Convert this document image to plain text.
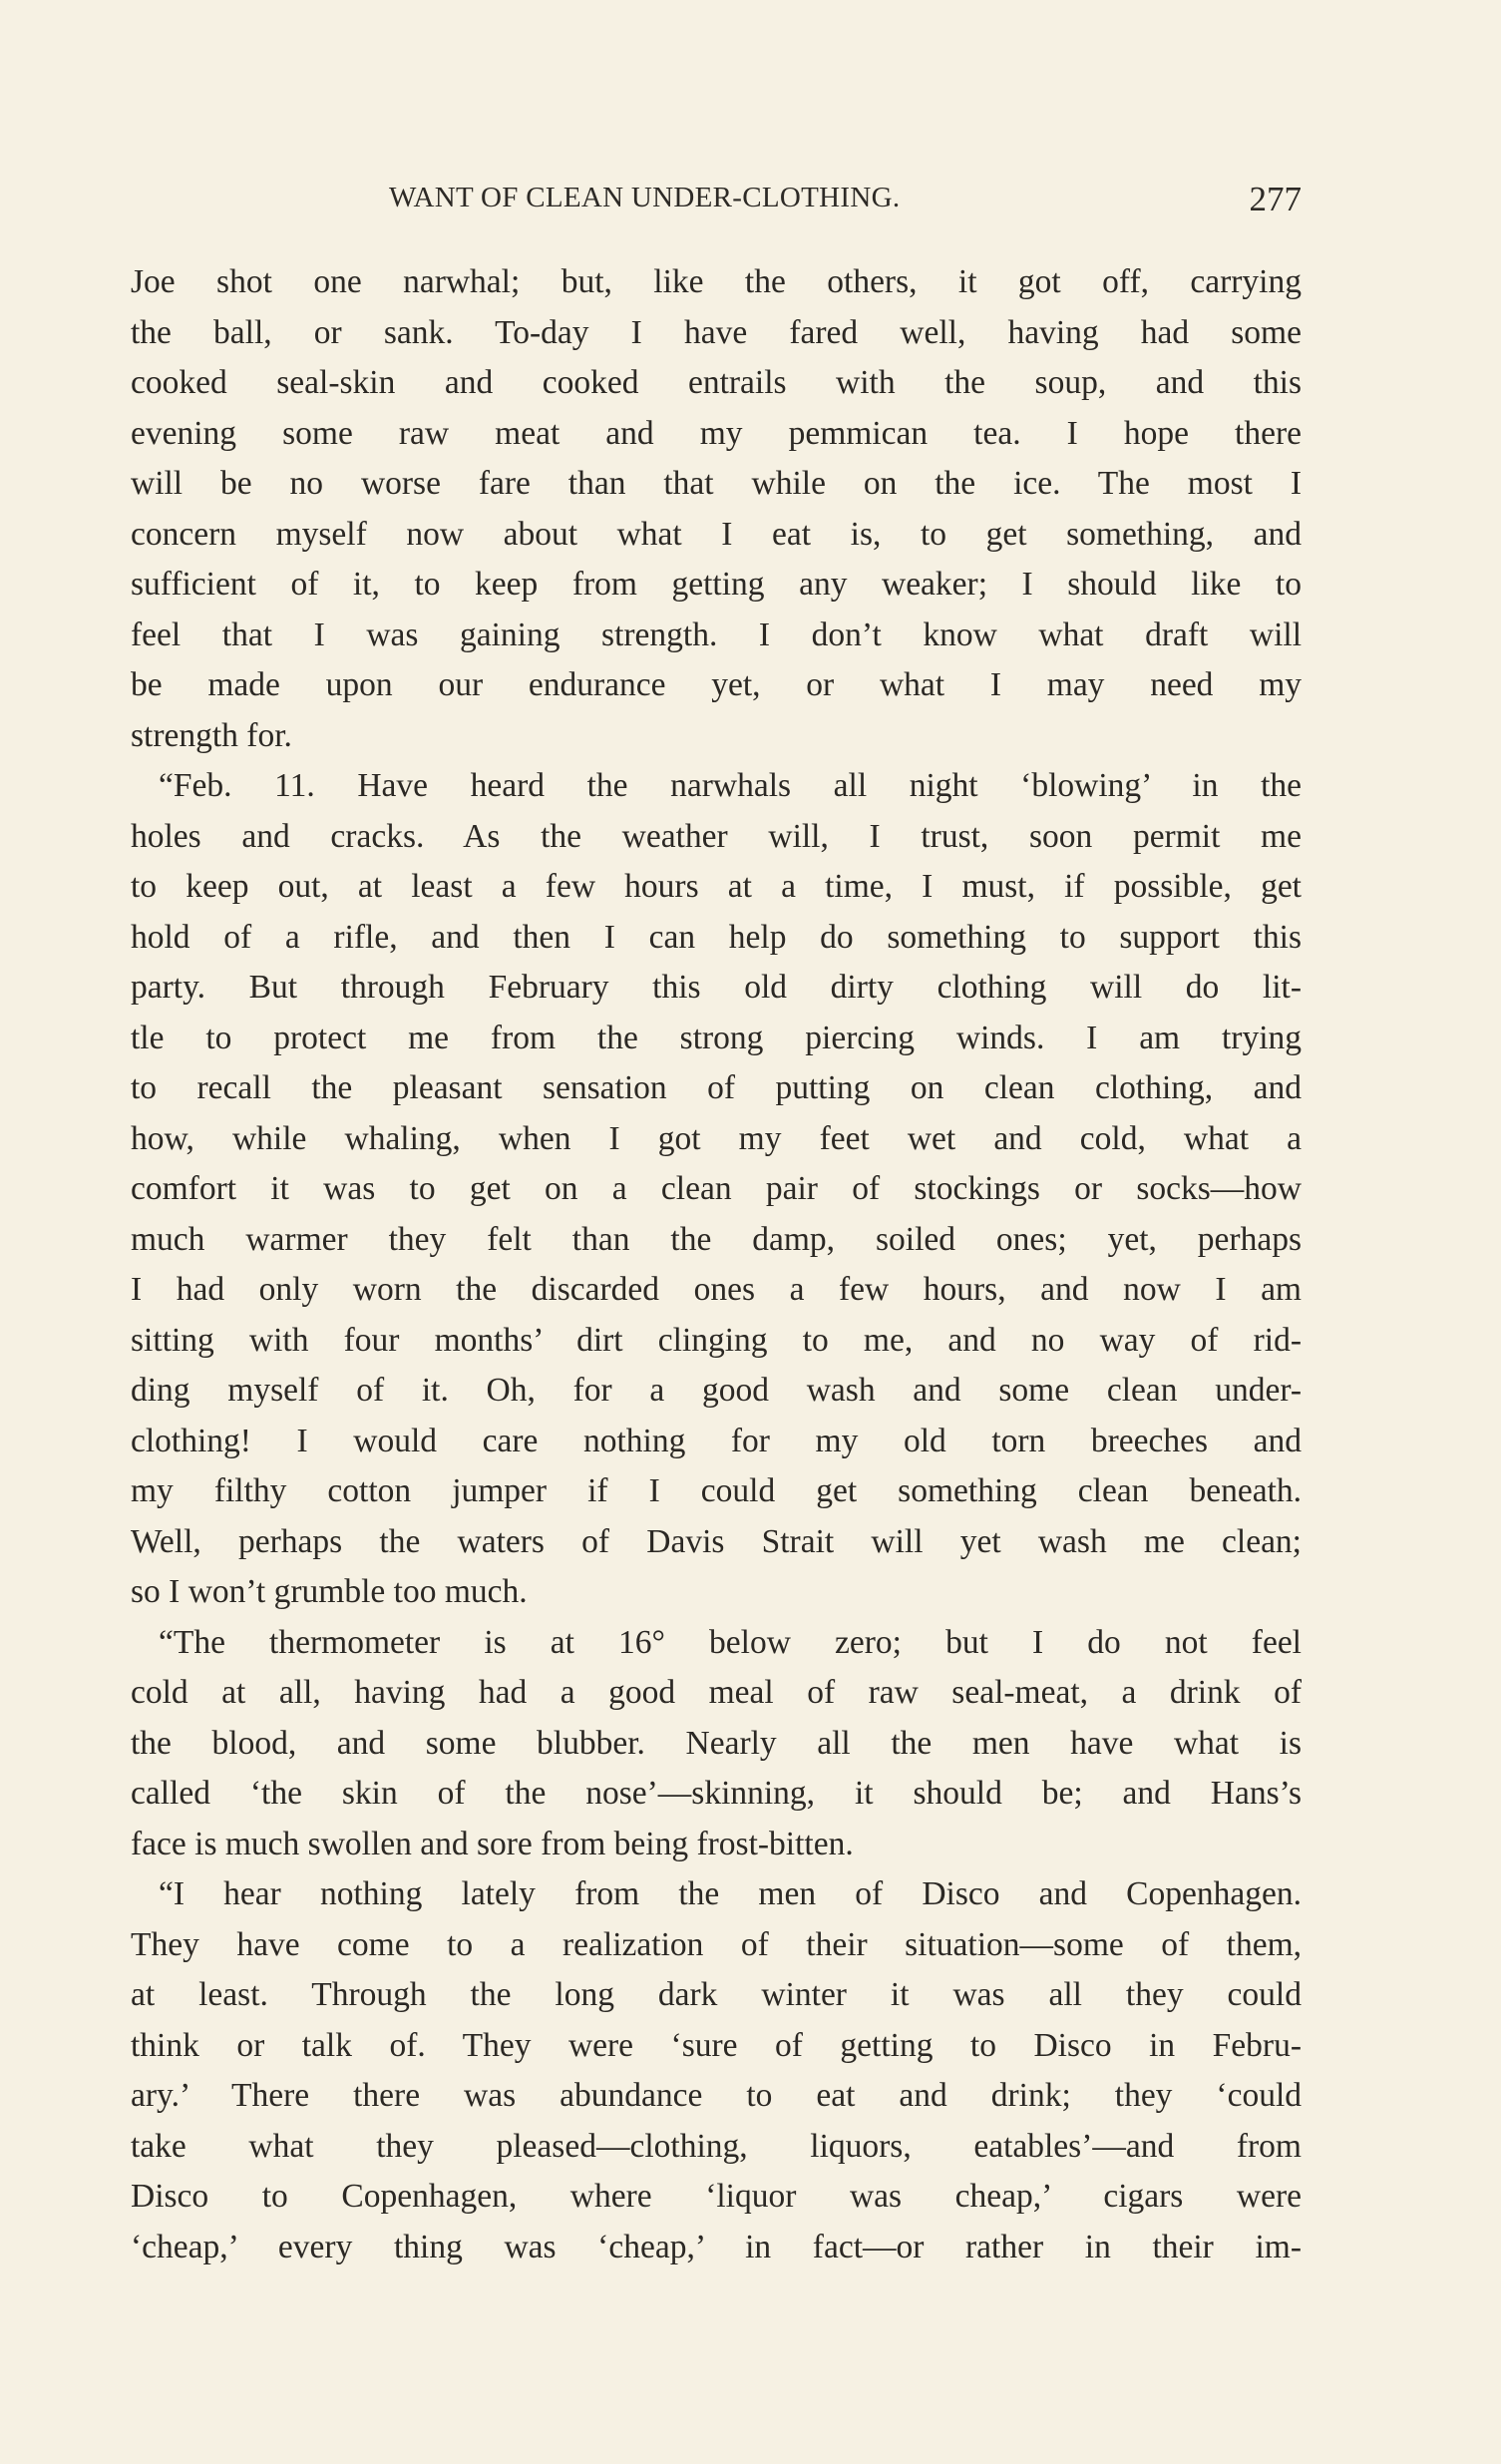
WANT OF CLEAN UNDER-CLOTHING.	277
Joe shot one narwhal; but, like the others, it got off, carrying
the ball, or sank. To-day I have fared well, having had some
cooked seal-skin and cooked entrails with the soup, and this
evening some raw meat and my pemmican tea. I hope there
will be no worse fare than that while on the ice. The most I
concern myself now about what I eat is, to get something, and
sufficient of it, to keep from getting any weaker; I should like to
feel that I was gaining strength. I don’t know what draft will
be made upon our endurance yet, or what I may need my
strength for.
“Feb. 11. Have heard the narwhals all night ‘blowing’ in the
holes and cracks. As the weather will, I trust, soon permit me
to keep out, at least a few hours at a time, I must, if possible, get
hold of a rifle, and then I can help do something to support this
party. But through February this old dirty clothing will do lit-
tle to protect me from the strong piercing winds. I am trying
to recall the pleasant sensation of putting on clean clothing, and
how, while whaling, when I got my feet wet and cold, what a
comfort it was to get on a clean pair of stockings or socks—how
much warmer they felt than the damp, soiled ones; yet, perhaps
I had only worn the discarded ones a few hours, and now I am
sitting with four months’ dirt clinging to me, and no way of rid-
ding myself of it. Oh, for a good wash and some clean under-
clothing! I would care nothing for my old torn breeches and
my filthy cotton jumper if I could get something clean beneath.
Well, perhaps the waters of Davis Strait will yet wash me clean;
so I won’t grumble too much.
“The thermometer is at 16° below zero; but I do not feel
cold at all, having had a good meal of raw seal-meat, a drink of
the blood, and some blubber. Nearly all the men have what is
called ‘the skin of the nose’—skinning, it should be; and Hans’s
face is much swollen and sore from being frost-bitten.
“I hear nothing lately from the men of Disco and Copenhagen.
They have come to a realization of their situation—some of them,
at least. Through the long dark winter it was all they could
think or talk of. They were ‘sure of getting to Disco in Febru-
ary.’ There there was abundance to eat and drink; they ‘could
take what they pleased—clothing, liquors, eatables’—and from
Disco to Copenhagen, where ‘liquor was cheap,’ cigars were
‘cheap,’ every thing was ‘cheap,’ in fact—or rather in their im-
